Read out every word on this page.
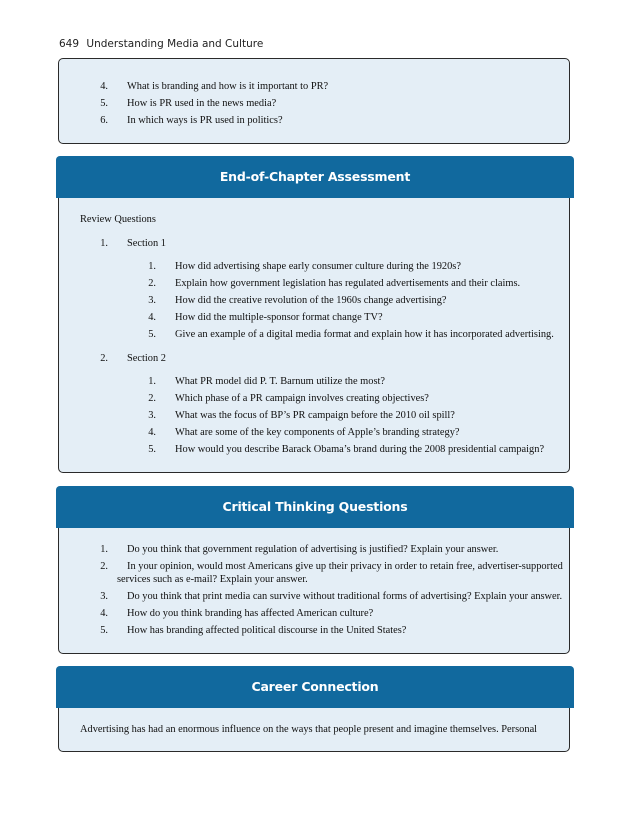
649 Understanding Media and Culture
4. What is branding and how is it important to PR?
5. How is PR used in the news media?
6. In which ways is PR used in politics?
End-of-Chapter Assessment
Review Questions
1. Section 1
1. How did advertising shape early consumer culture during the 1920s?
2. Explain how government legislation has regulated advertisements and their claims.
3. How did the creative revolution of the 1960s change advertising?
4. How did the multiple-sponsor format change TV?
5. Give an example of a digital media format and explain how it has incorporated advertising.
2. Section 2
1. What PR model did P. T. Barnum utilize the most?
2. Which phase of a PR campaign involves creating objectives?
3. What was the focus of BP’s PR campaign before the 2010 oil spill?
4. What are some of the key components of Apple’s branding strategy?
5. How would you describe Barack Obama’s brand during the 2008 presidential campaign?
Critical Thinking Questions
1. Do you think that government regulation of advertising is justified? Explain your answer.
2. In your opinion, would most Americans give up their privacy in order to retain free, advertiser-supported
services such as e-mail? Explain your answer.
3. Do you think that print media can survive without traditional forms of advertising? Explain your answer.
4. How do you think branding has affected American culture?
5. How has branding affected political discourse in the United States?
Career Connection
Advertising has had an enormous influence on the ways that people present and imagine themselves. Personal
